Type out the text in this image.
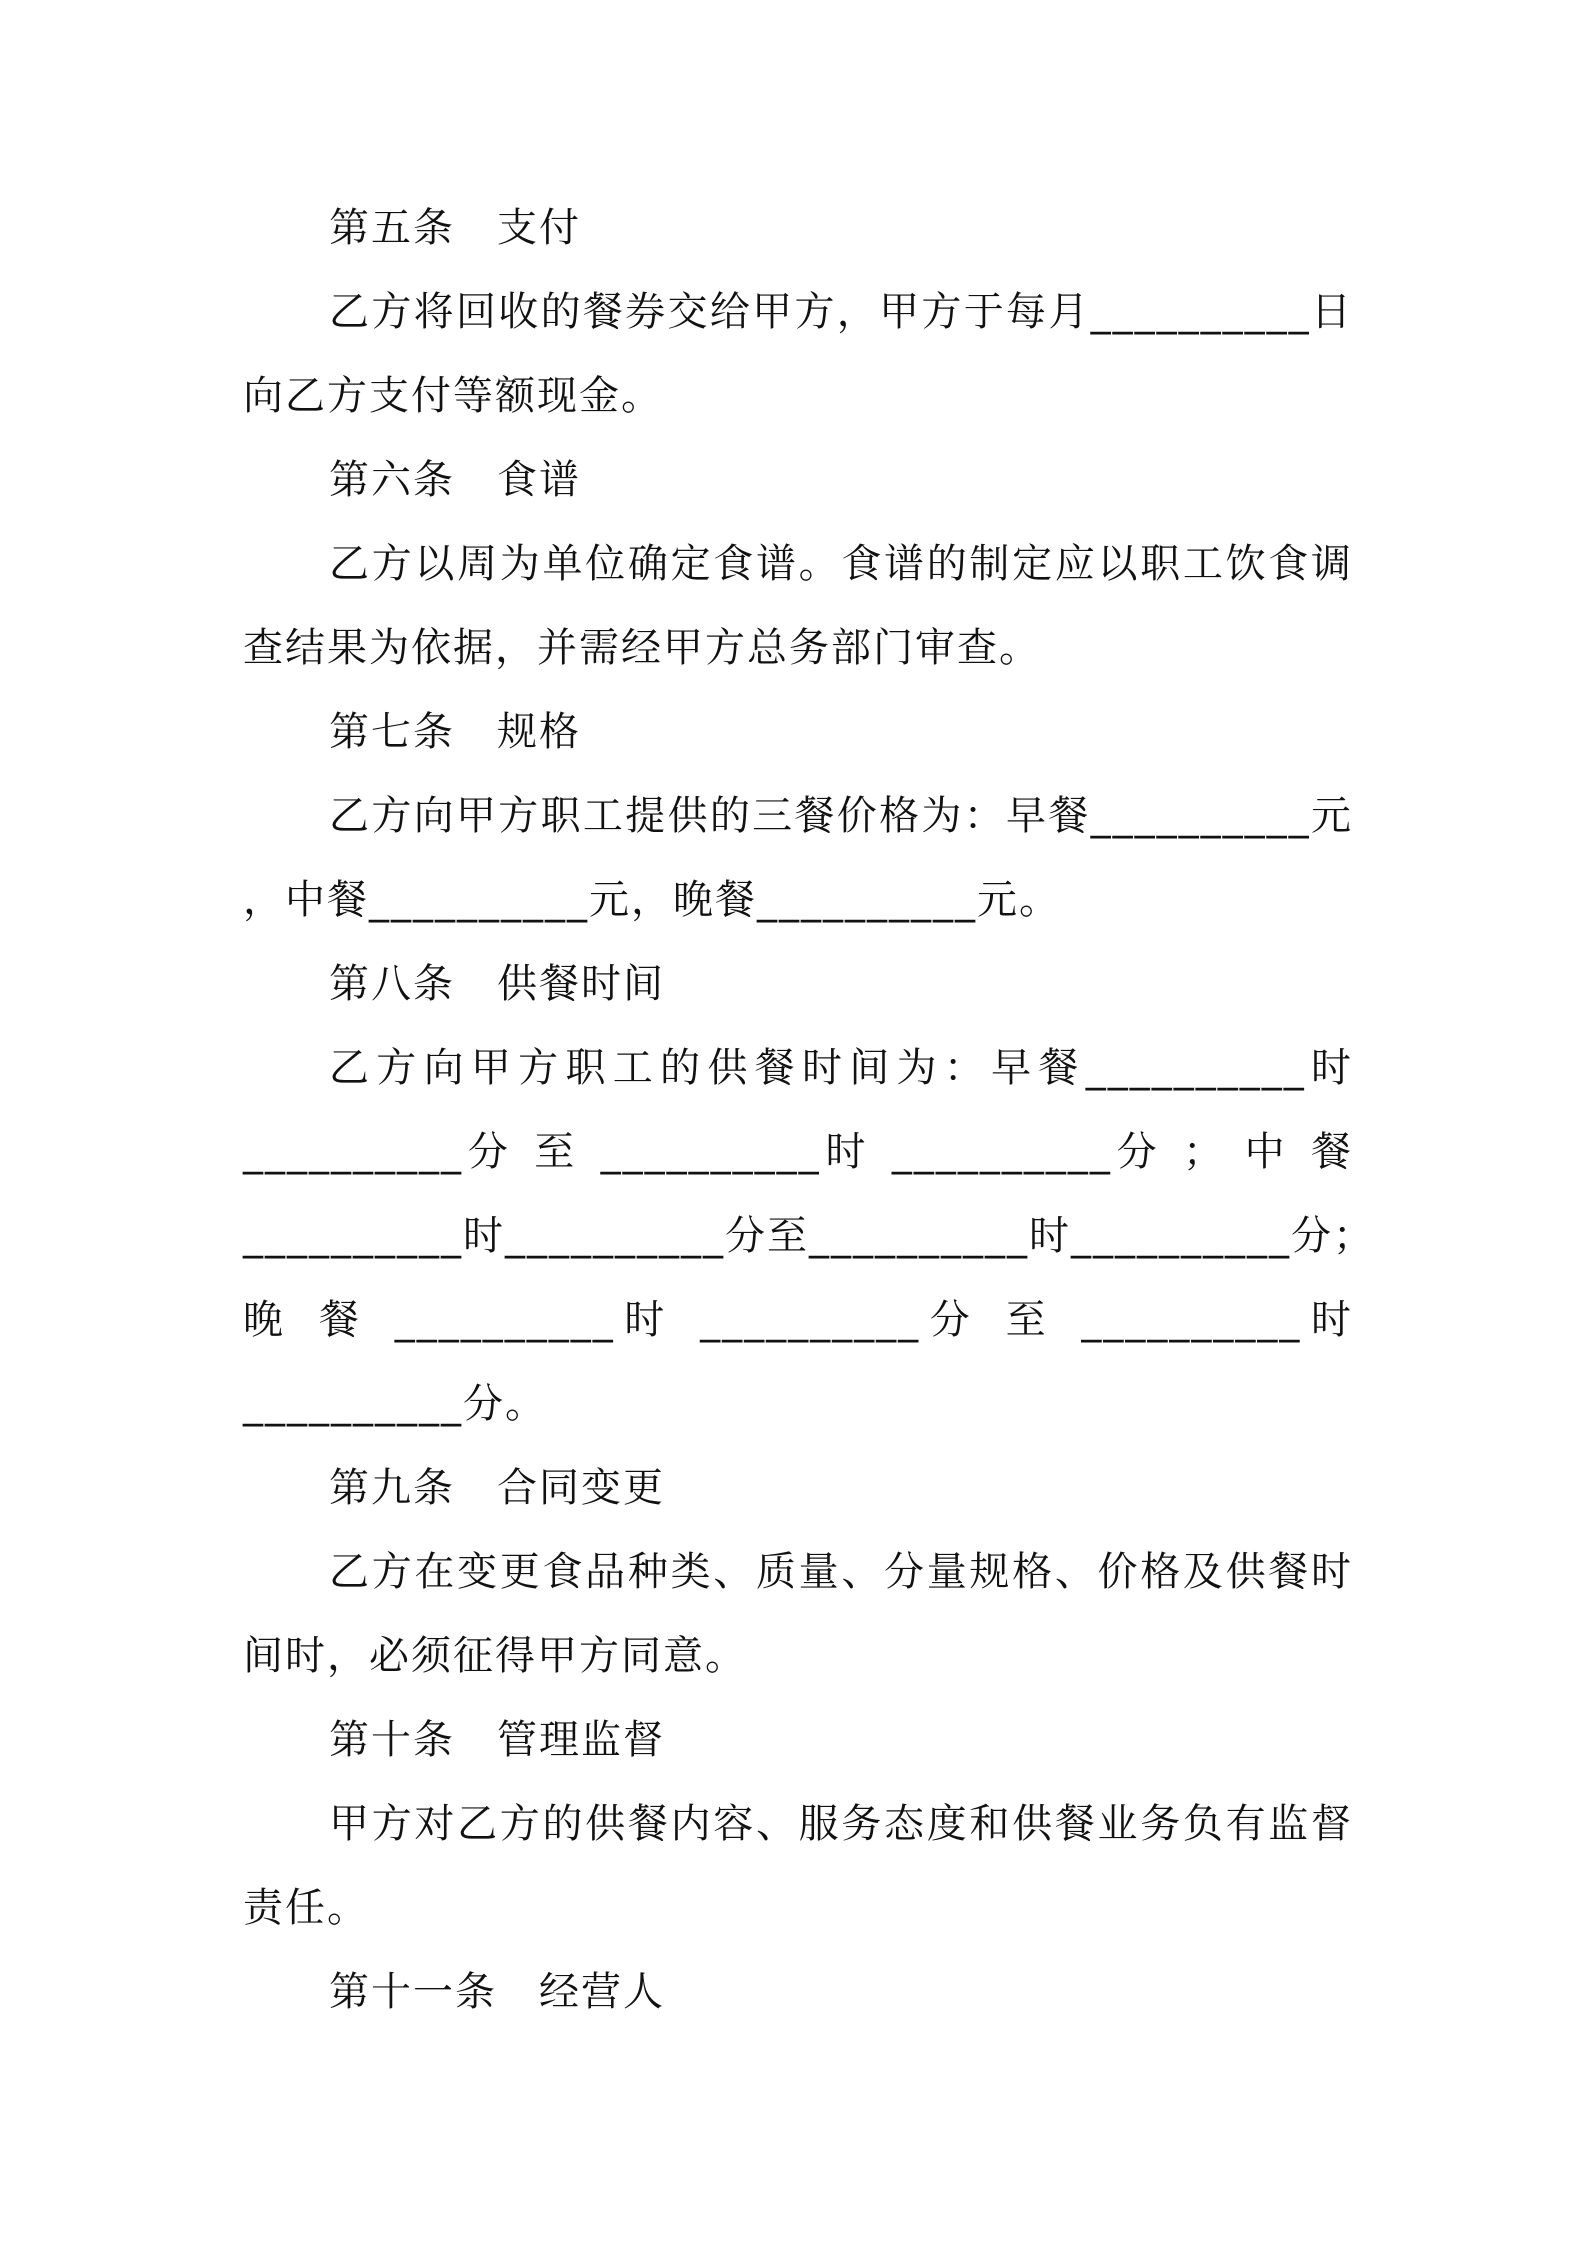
第五条　支付
乙方将回收的餐券交给甲方，甲方于每月__________日
向乙方支付等额现金。
第六条　食谱
乙方以周为单位确定食谱。食谱的制定应以职工饮食调
查结果为依据，并需经甲方总务部门审查。
第七条　规格
乙方向甲方职工提供的三餐价格为：早餐__________元
，中餐__________元，晚餐__________元。
第八条　供餐时间
乙方向甲方职工的供餐时间为：早餐__________时
__________分 至 __________时 __________分 ； 中 餐
__________时__________分至__________时__________分；
晚 餐 __________时 __________分 至 __________时
__________分。
第九条　合同变更
乙方在变更食品种类、质量、分量规格、价格及供餐时
间时，必须征得甲方同意。
第十条　管理监督
甲方对乙方的供餐内容、服务态度和供餐业务负有监督
责任。
第十一条　经营人
